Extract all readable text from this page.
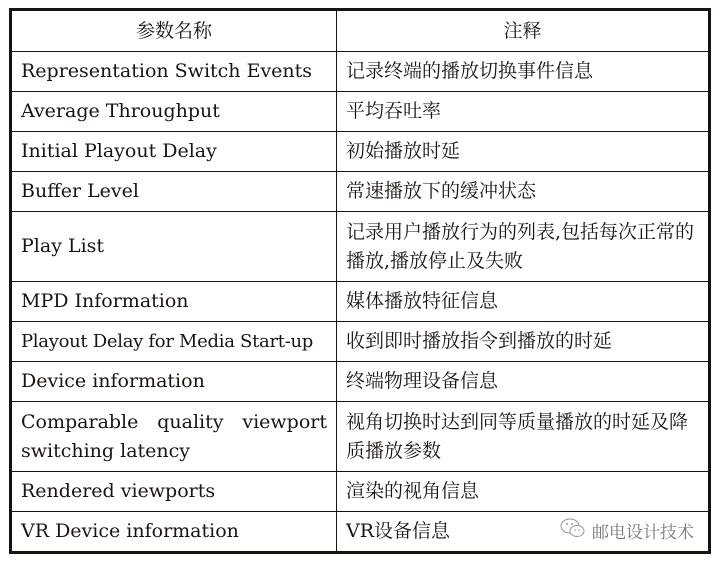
参数名称	注释
Representation Switch Events	记录终端的播放切换事件信息
Average Throughput	平均吞吐率
Initial Playout Delay	初始播放时延
Buffer Level	常速播放下的缓冲状态
Play List	记录用户播放行为的列表,包括每次正常的播放,播放停止及失败
MPD Information	媒体播放特征信息
Playout Delay for Media Start-up	收到即时播放指令到播放的时延
Device information	终端物理设备信息
Comparable quality viewport switching latency	视角切换时达到同等质量播放的时延及降质播放参数
Rendered viewports	渲染的视角信息
VR Device information	VR设备信息	邮电设计技术
